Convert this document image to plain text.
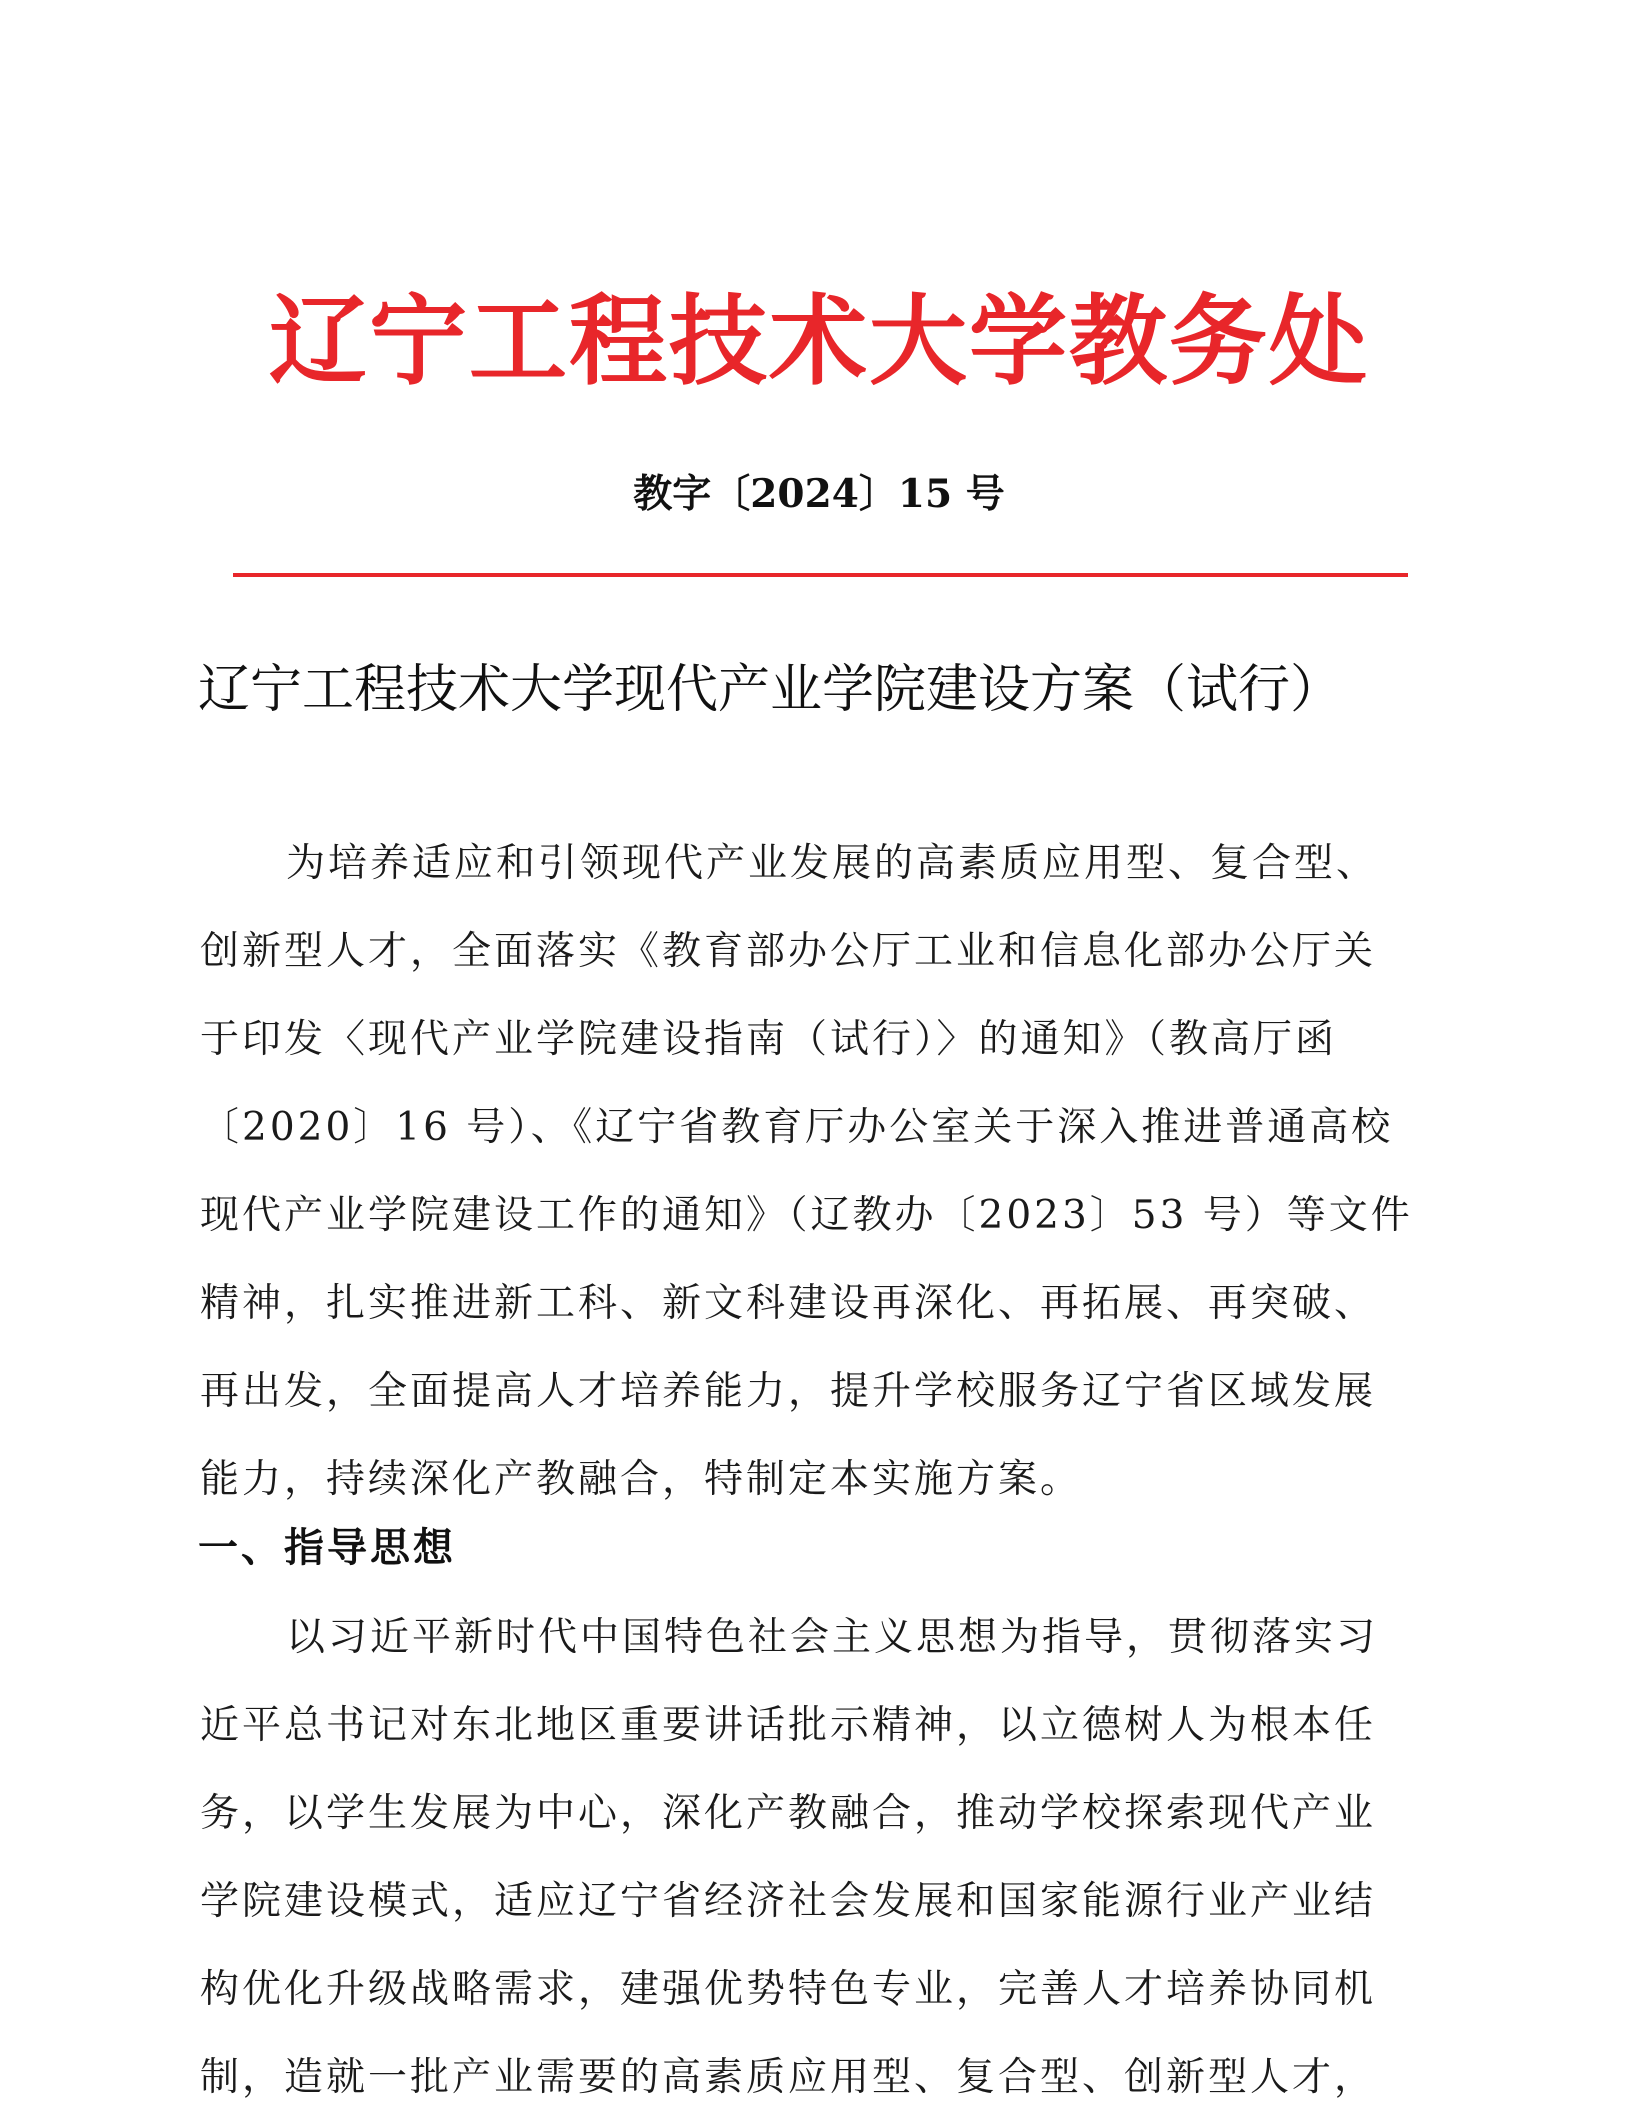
辽宁工程技术大学教务处
教字〔2024〕15 号
辽宁工程技术大学现代产业学院建设方案（试行）
为培养适应和引领现代产业发展的高素质应用型、复合型、
创新型人才，全面落实《教育部办公厅工业和信息化部办公厅关
于印发〈现代产业学院建设指南（试行）〉的通知》（教高厅函
〔2020〕16 号）、《辽宁省教育厅办公室关于深入推进普通高校
现代产业学院建设工作的通知》（辽教办〔2023〕53 号）等文件
精神，扎实推进新工科、新文科建设再深化、再拓展、再突破、
再出发，全面提高人才培养能力，提升学校服务辽宁省区域发展
能力，持续深化产教融合，特制定本实施方案。
一、指导思想
以习近平新时代中国特色社会主义思想为指导，贯彻落实习
近平总书记对东北地区重要讲话批示精神，以立德树人为根本任
务，以学生发展为中心，深化产教融合，推动学校探索现代产业
学院建设模式，适应辽宁省经济社会发展和国家能源行业产业结
构优化升级战略需求，建强优势特色专业，完善人才培养协同机
制，造就一批产业需要的高素质应用型、复合型、创新型人才，
